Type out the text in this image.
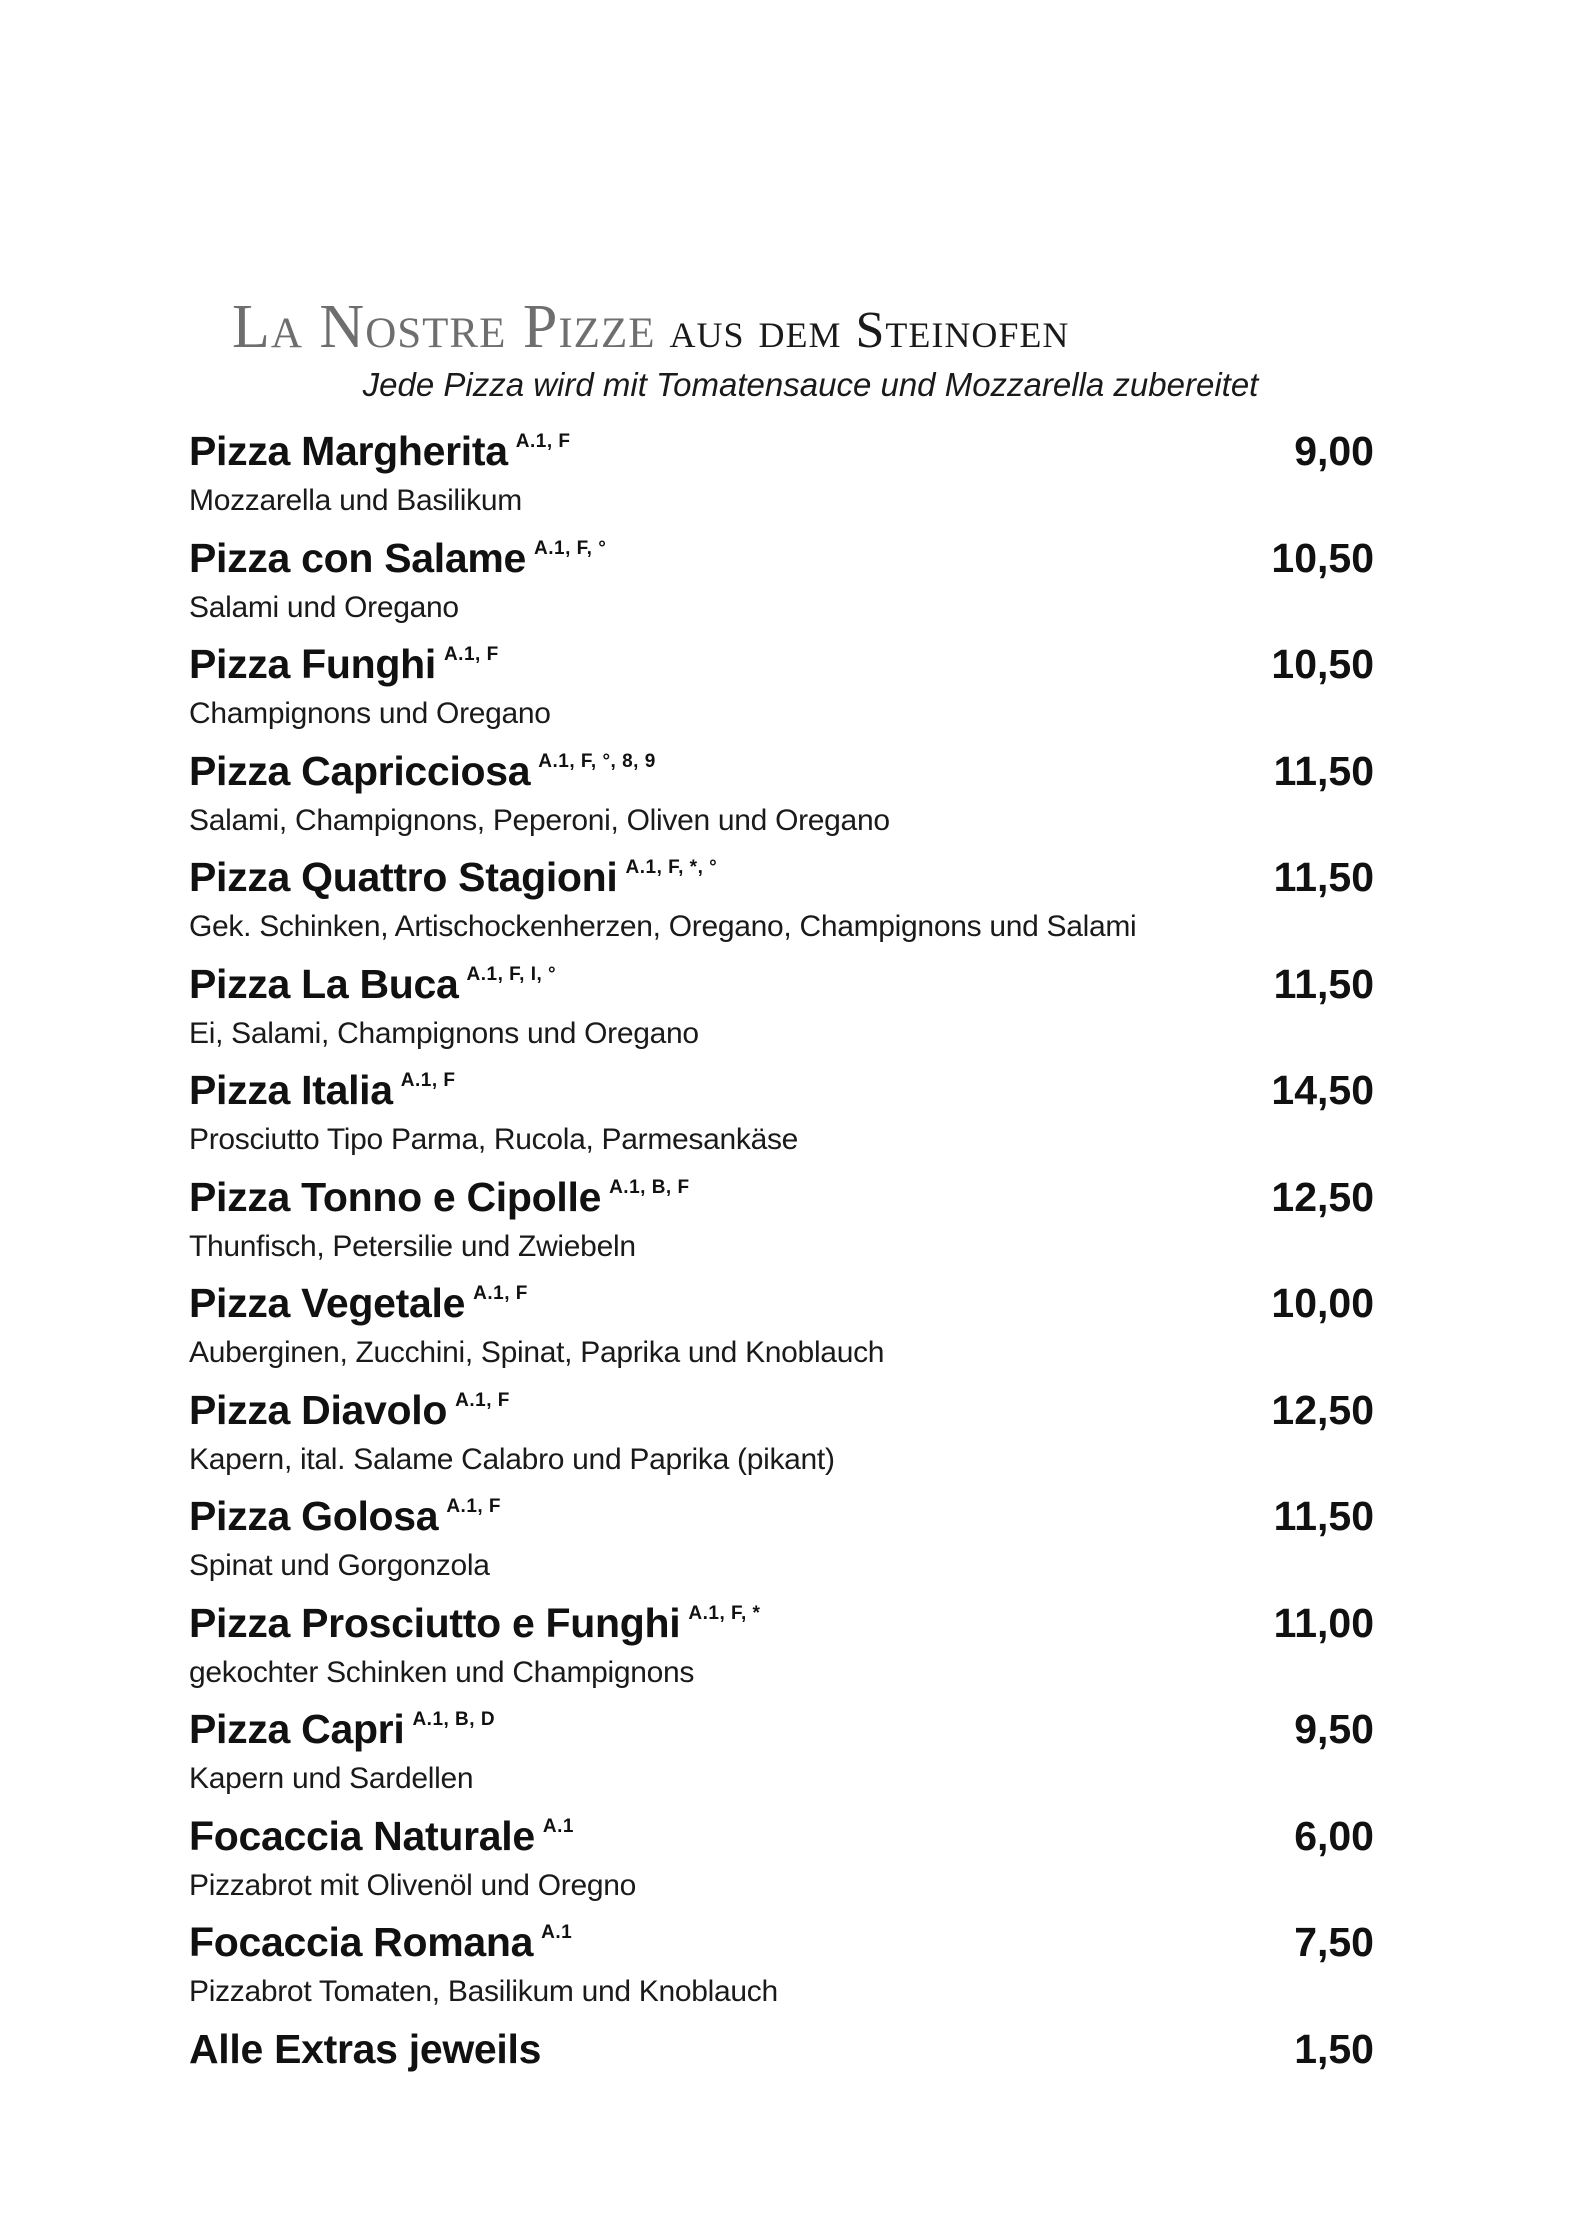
La Nostre Pizze aus dem Steinofen
Jede Pizza wird mit Tomatensauce und Mozzarella zubereitet
Pizza Margherita $^{A.1, F}$	9,00
Mozzarella und Basilikum
Pizza con Salame $^{A.1, F, ^\circ}$	10,50
Salami und Oregano
Pizza Funghi $^{A.1, F}$	10,50
Champignons und Oregano
Pizza Capricciosa $^{A.1, F, ^\circ, 8, 9}$	11,50
Salami, Champignons, Peperoni, Oliven und Oregano
Pizza Quattro Stagioni $^{A.1, F, *, ^\circ}$	11,50
Gek. Schinken, Artischockenherzen, Oregano, Champignons und Salami
Pizza La Buca $^{A.1, F, I, ^\circ}$	11,50
Ei, Salami, Champignons und Oregano
Pizza Italia $^{A.1, F}$	14,50
Prosciutto Tipo Parma, Rucola, Parmesankäse
Pizza Tonno e Cipolle $^{A.1, B, F}$	12,50
Thunfisch, Petersilie und Zwiebeln
Pizza Vegetale $^{A.1, F}$	10,00
Auberginen, Zucchini, Spinat, Paprika und Knoblauch
Pizza Diavolo $^{A.1, F}$	12,50
Kapern, ital. Salame Calabro und Paprika (pikant)
Pizza Golosa $^{A.1, F}$	11,50
Spinat und Gorgonzola
Pizza Prosciutto e Funghi $^{A.1, F, *}$	11,00
gekochter Schinken und Champignons
Pizza Capri $^{A.1, B, D}$	9,50
Kapern und Sardellen
Focaccia Naturale $^{A.1}$	6,00
Pizzabrot mit Olivenöl und Oregno
Focaccia Romana $^{A.1}$	7,50
Pizzabrot Tomaten, Basilikum und Knoblauch
Alle Extras jeweils	1,50
